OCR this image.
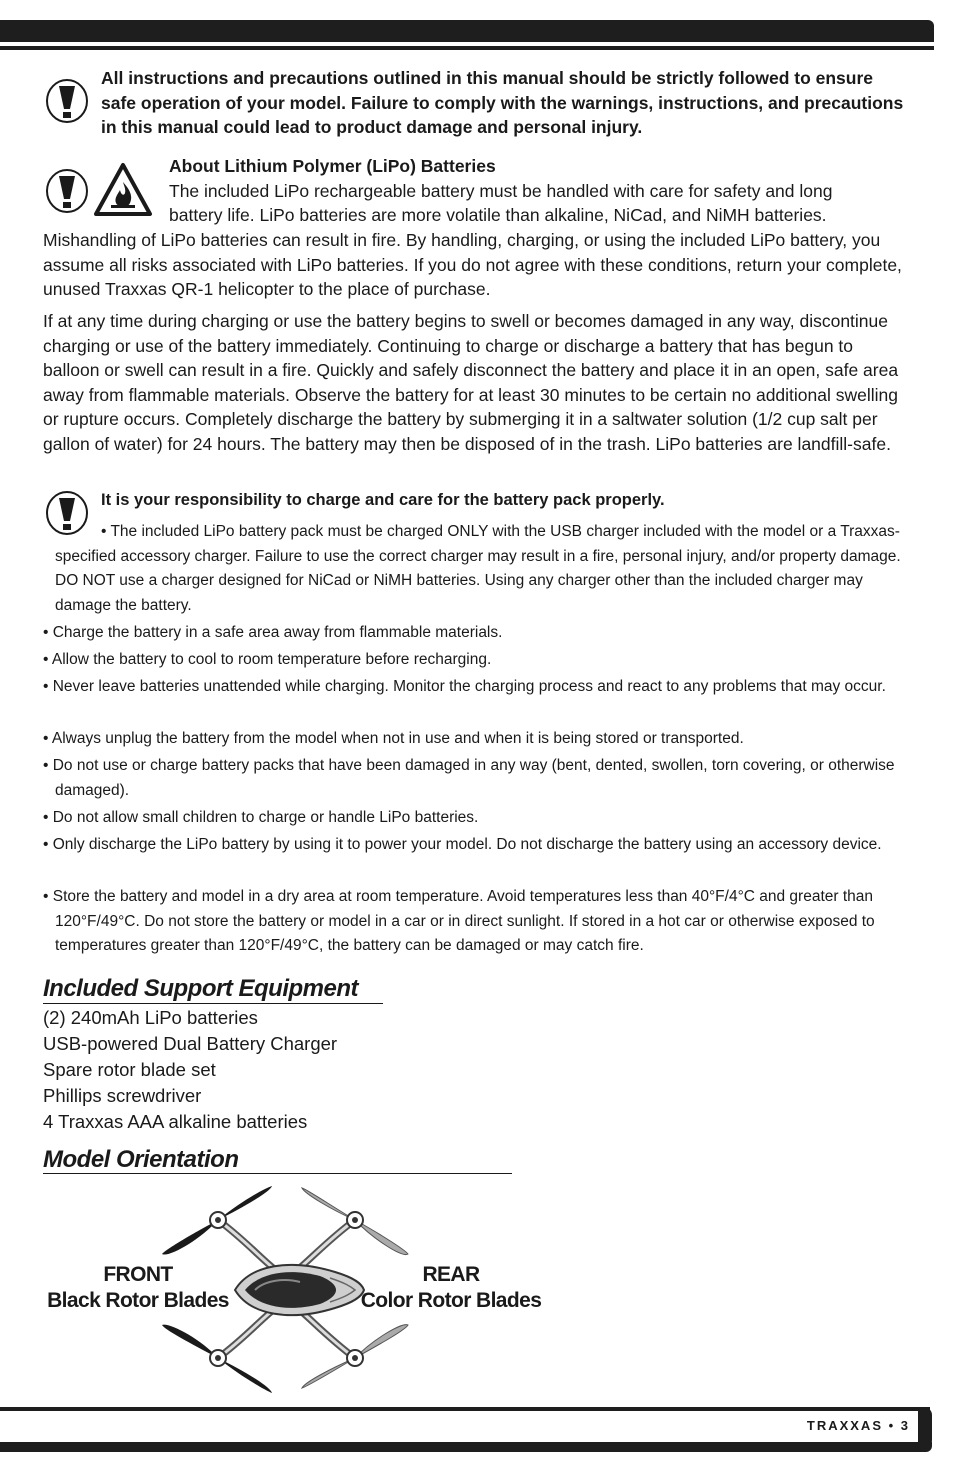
All instructions and precautions outlined in this manual should be strictly followed to ensure safe operation of your model. Failure to comply with the warnings, instructions, and precautions in this manual could lead to product damage and personal injury.
About Lithium Polymer (LiPo) Batteries
The included LiPo rechargeable battery must be handled with care for safety and long
battery life. LiPo batteries are more volatile than alkaline, NiCad, and NiMH batteries.
Mishandling of LiPo batteries can result in fire. By handling, charging, or using the included LiPo battery, you assume all risks associated with LiPo batteries. If you do not agree with these conditions, return your complete, unused Traxxas QR-1 helicopter to the place of purchase.
If at any time during charging or use the battery begins to swell or becomes damaged in any way, discontinue charging or use of the battery immediately. Continuing to charge or discharge a battery that has begun to balloon or swell can result in a fire. Quickly and safely disconnect the battery and place it in an open, safe area away from flammable materials. Observe the battery for at least 30 minutes to be certain no additional swelling or rupture occurs. Completely discharge the battery by submerging it in a saltwater solution (1/2 cup salt per gallon of water) for 24 hours. The battery may then be disposed of in the trash. LiPo batteries are landfill-safe.
It is your responsibility to charge and care for the battery pack properly.
• The included LiPo battery pack must be charged ONLY with the USB charger included with the model or a Traxxas-specified accessory charger. Failure to use the correct charger may result in a fire, personal injury, and/or property damage. DO NOT use a charger designed for NiCad or NiMH batteries. Using any charger other than the included charger may damage the battery.
• Charge the battery in a safe area away from flammable materials.
• Allow the battery to cool to room temperature before recharging.
• Never leave batteries unattended while charging. Monitor the charging process and react to any problems that may occur.
• Always unplug the battery from the model when not in use and when it is being stored or transported.
• Do not use or charge battery packs that have been damaged in any way (bent, dented, swollen, torn covering, or otherwise damaged).
• Do not allow small children to charge or handle LiPo batteries.
• Only discharge the LiPo battery by using it to power your model. Do not discharge the battery using an accessory device.
• Store the battery and model in a dry area at room temperature. Avoid temperatures less than 40°F/4°C and greater than 120°F/49°C. Do not store the battery or model in a car or in direct sunlight. If stored in a hot car or otherwise exposed to temperatures greater than 120°F/49°C, the battery can be damaged or may catch fire.
Included Support Equipment
(2) 240mAh LiPo batteries
USB-powered Dual Battery Charger
Spare rotor blade set
Phillips screwdriver
4 Traxxas AAA alkaline batteries
Model Orientation
FRONT
Black Rotor Blades
REAR
Color Rotor Blades
TRAXXAS • 3
